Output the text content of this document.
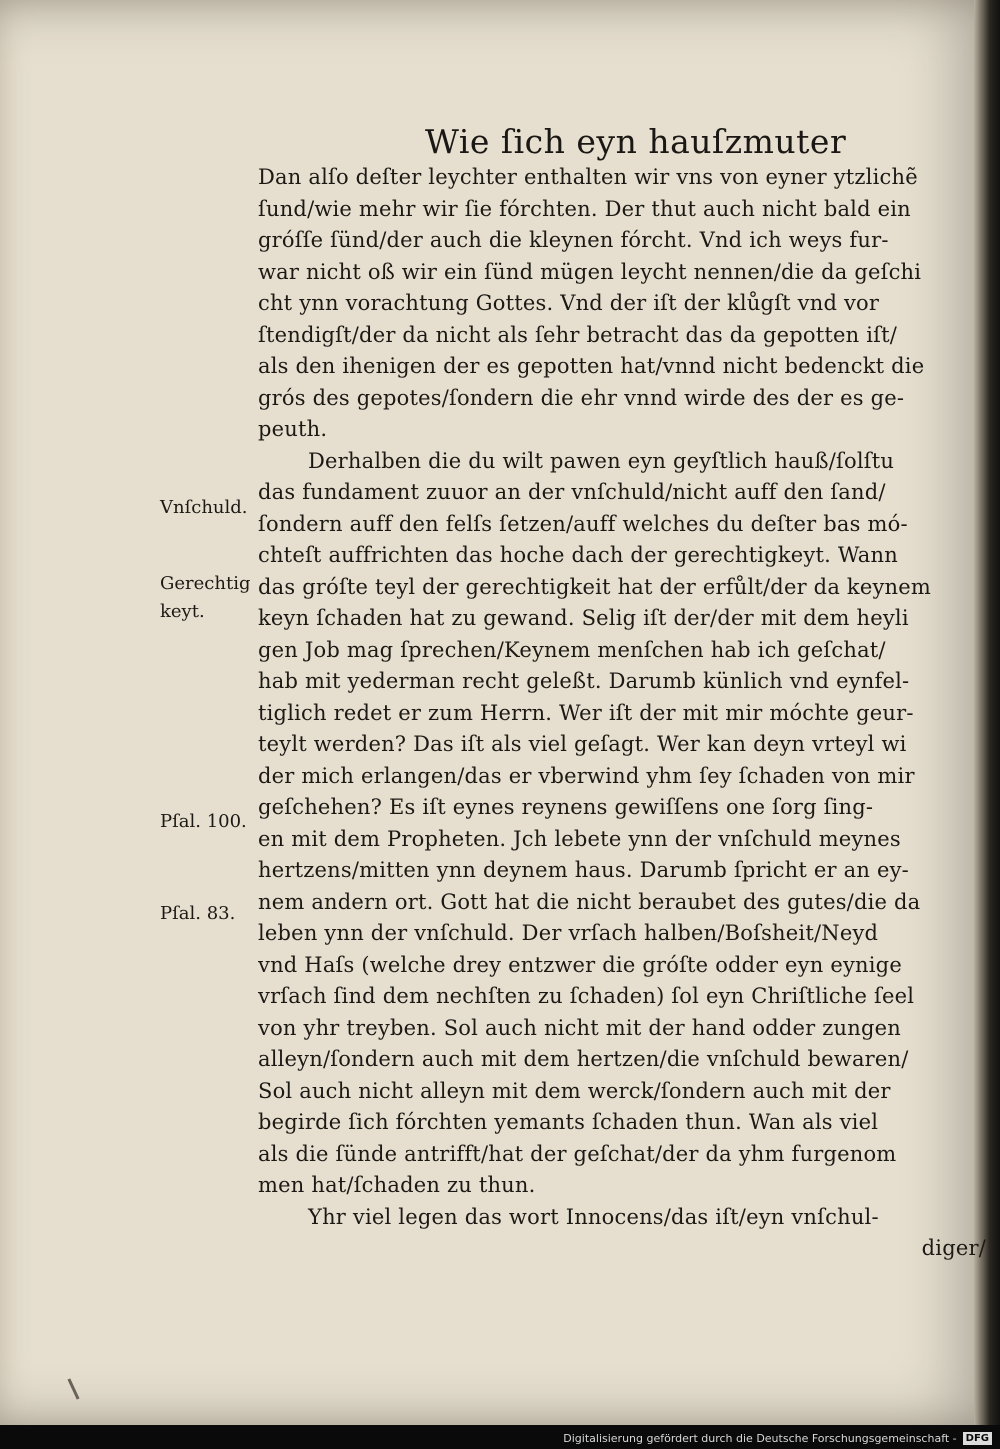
Wie ſich eyn hauſzmuter
Dan alſo deſter leychter enthalten wir vns von eyner ytzlichẽ
ſund/wie mehr wir ſie fórchten. Der thut auch nicht bald ein
gróſſe ſünd/der auch die kleynen fórcht. Vnd ich weys fur-
war nicht oß wir ein ſünd mügen leycht nennen/die da geſchi
cht ynn vorachtung Gottes. Vnd der iſt der klůgſt vnd vor
ſtendigſt/der da nicht als ſehr betracht das da gepotten iſt/
als den ihenigen der es gepotten hat/vnnd nicht bedenckt die
grós des gepotes/ſondern die ehr vnnd wirde des der es ge-
peuth.
Derhalben die du wilt pawen eyn geyſtlich hauß/ſolſtu
das fundament zuuor an der vnſchuld/nicht auff den ſand/
ſondern auff den felſs ſetzen/auff welches du deſter bas mó-
chteſt auffrichten das hoche dach der gerechtigkeyt. Wann
das gróſte teyl der gerechtigkeit hat der erfůlt/der da keynem
keyn ſchaden hat zu gewand. Selig iſt der/der mit dem heyli
gen Job mag ſprechen/Keynem menſchen hab ich geſchat/
hab mit yederman recht geleßt. Darumb künlich vnd eynfel-
tiglich redet er zum Herrn. Wer iſt der mit mir móchte geur-
teylt werden? Das iſt als viel geſagt. Wer kan deyn vrteyl wi
der mich erlangen/das er vberwind yhm ſey ſchaden von mir
geſchehen? Es iſt eynes reynens gewiſſens one ſorg ſing-
en mit dem Propheten. Jch lebete ynn der vnſchuld meynes
hertzens/mitten ynn deynem haus. Darumb ſpricht er an ey-
nem andern ort. Gott hat die nicht beraubet des gutes/die da
leben ynn der vnſchuld. Der vrſach halben/Boſsheit/Neyd
vnd Haſs (welche drey entzwer die gróſte odder eyn eynige
vrſach ſind dem nechſten zu ſchaden) ſol eyn Chriſtliche ſeel
von yhr treyben. Sol auch nicht mit der hand odder zungen
alleyn/ſondern auch mit dem hertzen/die vnſchuld bewaren/
Sol auch nicht alleyn mit dem werck/ſondern auch mit der
begirde ſich fórchten yemants ſchaden thun. Wan als viel
als die ſünde antrifft/hat der geſchat/der da yhm furgenom
men hat/ſchaden zu thun.
Yhr viel legen das wort Innocens/das iſt/eyn vnſchul-
diger/
Vnſchuld.
Gerechtig keyt.
Pſal. 100.
Pſal. 83.
Digitalisierung gefördert durch die Deutsche Forschungsgemeinschaft - DFG
